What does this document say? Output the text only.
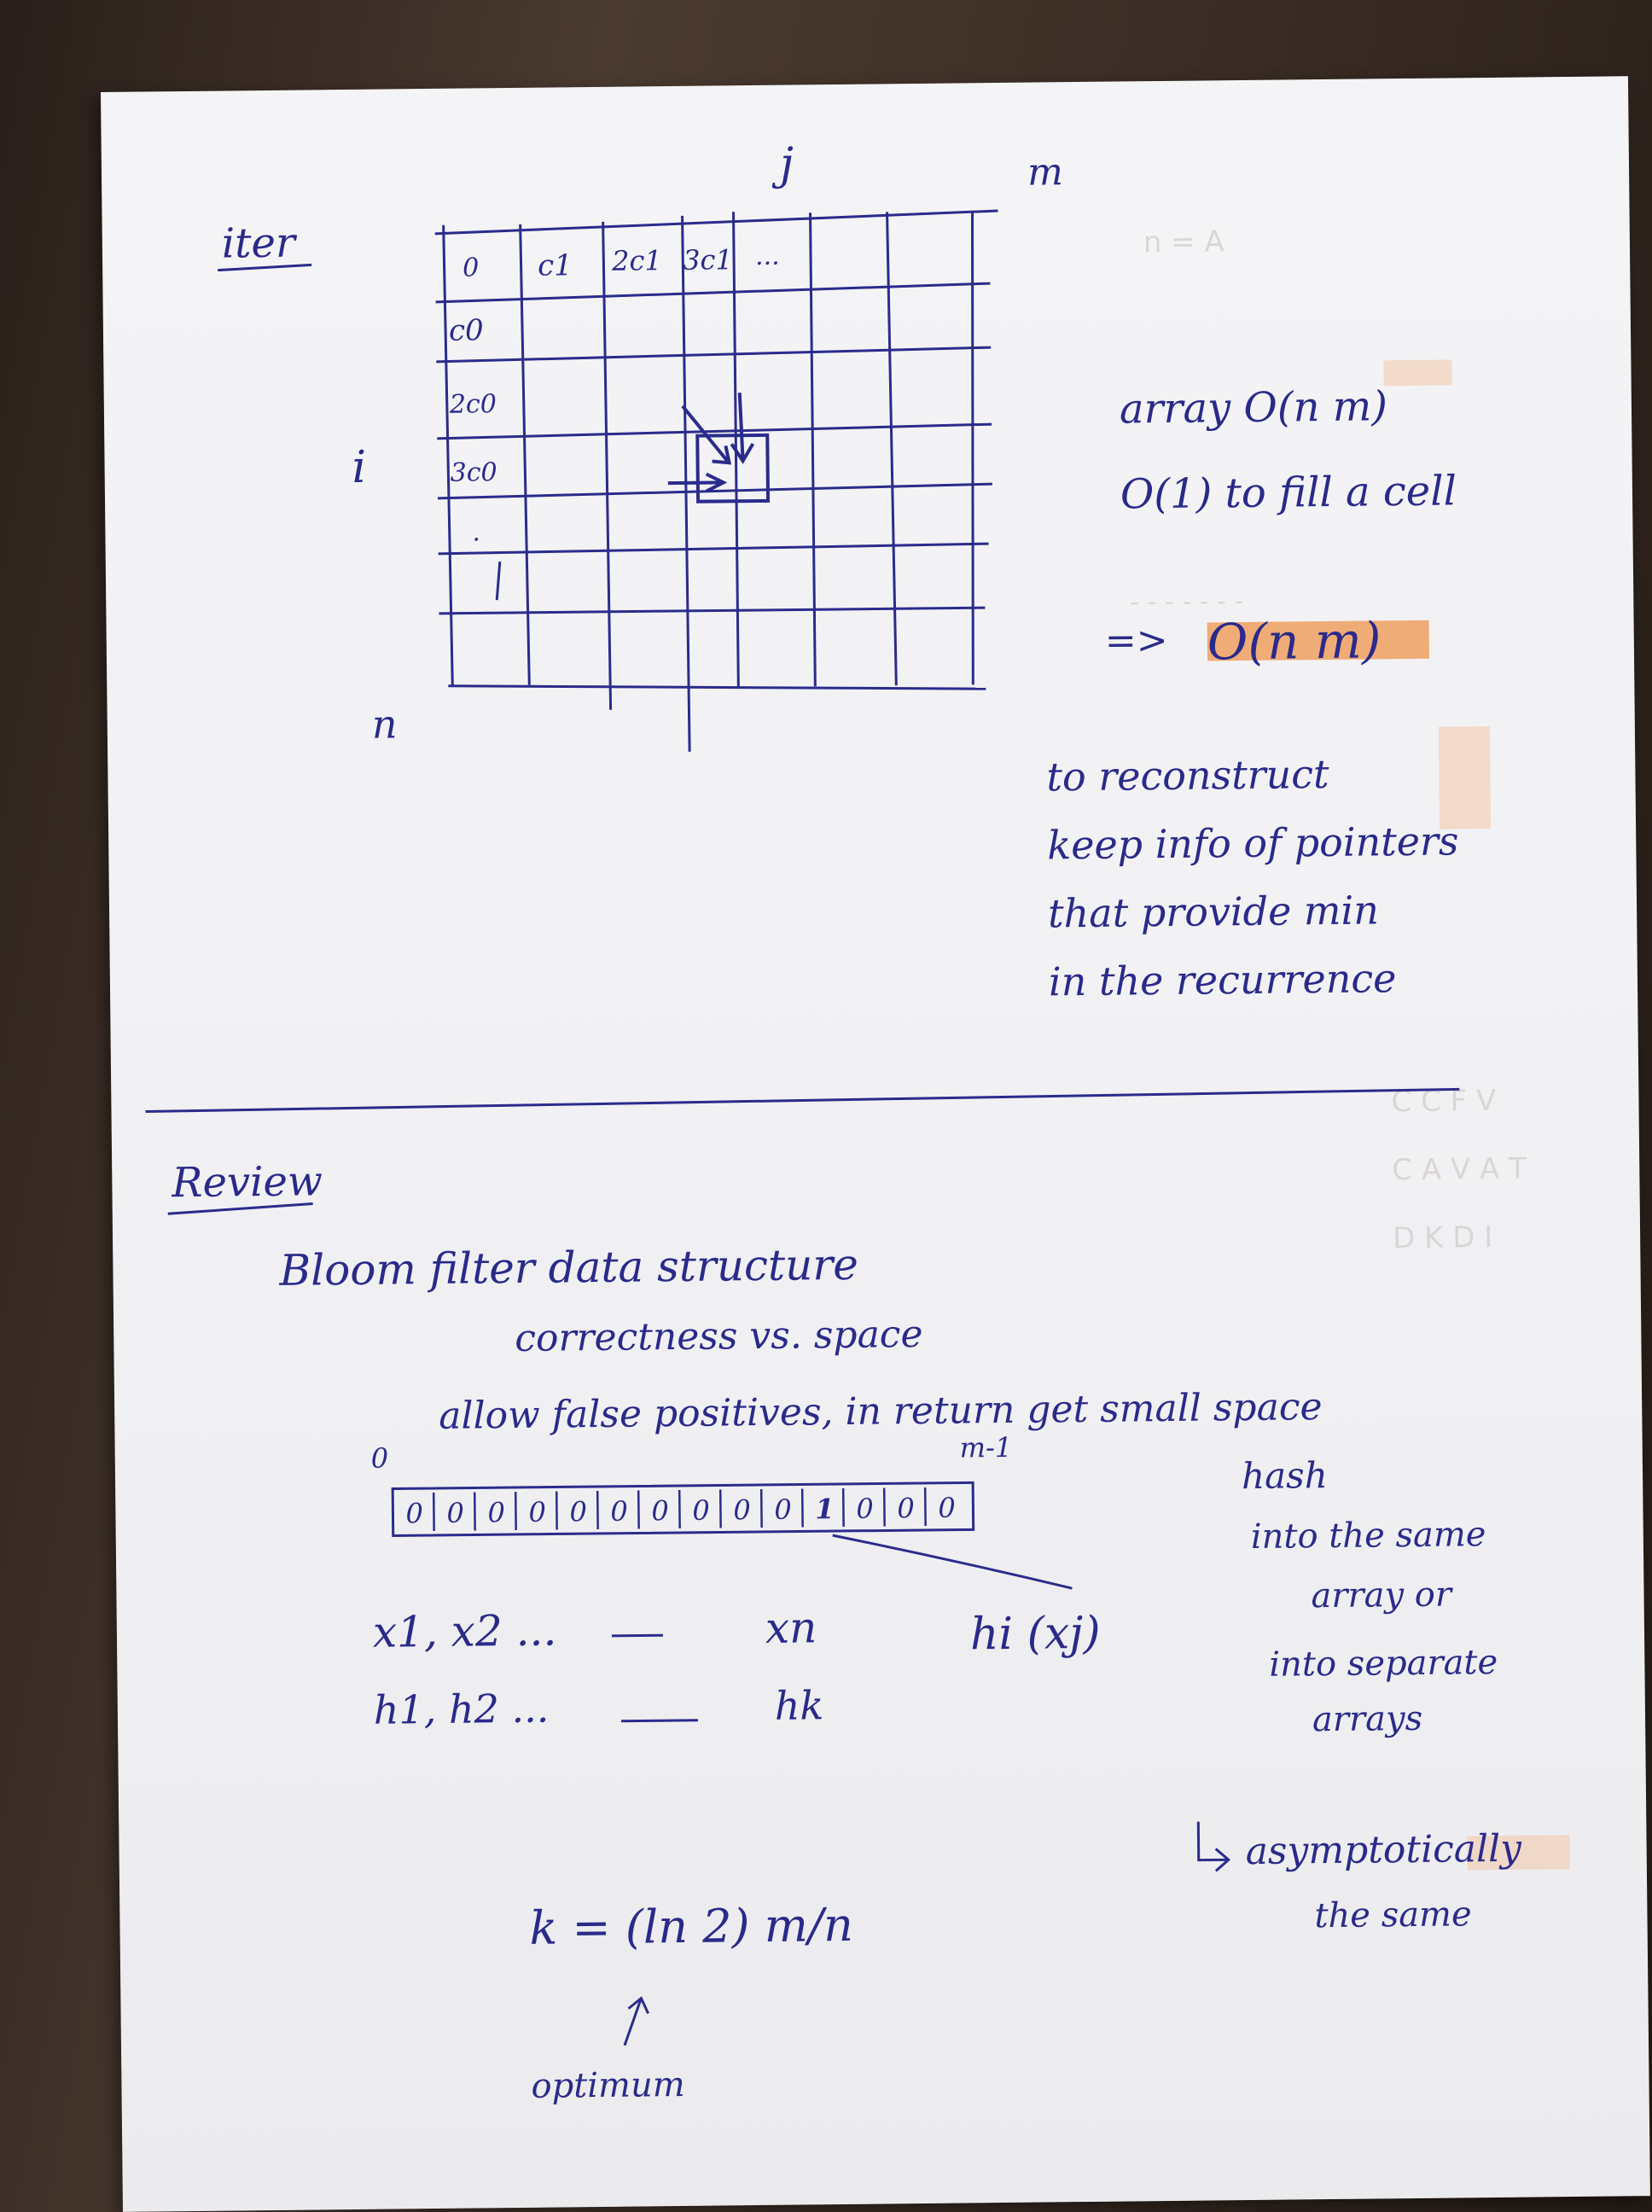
n = A
- - - - - - -
C C F V
C A V A T
D K D I
iter
j	m
i
n
0 c1 2c1 3c1 ...
c0
2c0
3c0
.
array O(n m)
O(1) to fill a cell
=> O(n m)
to reconstruct
keep info of pointers
that provide min
in the recurrence
Review
Bloom filter data structure
correctness vs. space
allow false positives, in return get small space
0	m-1
0 0 0 0 0 0 0 0 0 0 1 0 0 0
x1, x2 ...	xn	hi (xj)
h1, h2 ...	hk
hash
into the same
array or
into separate
arrays
asymptotically
the same
k = (ln 2) m/n
optimum
